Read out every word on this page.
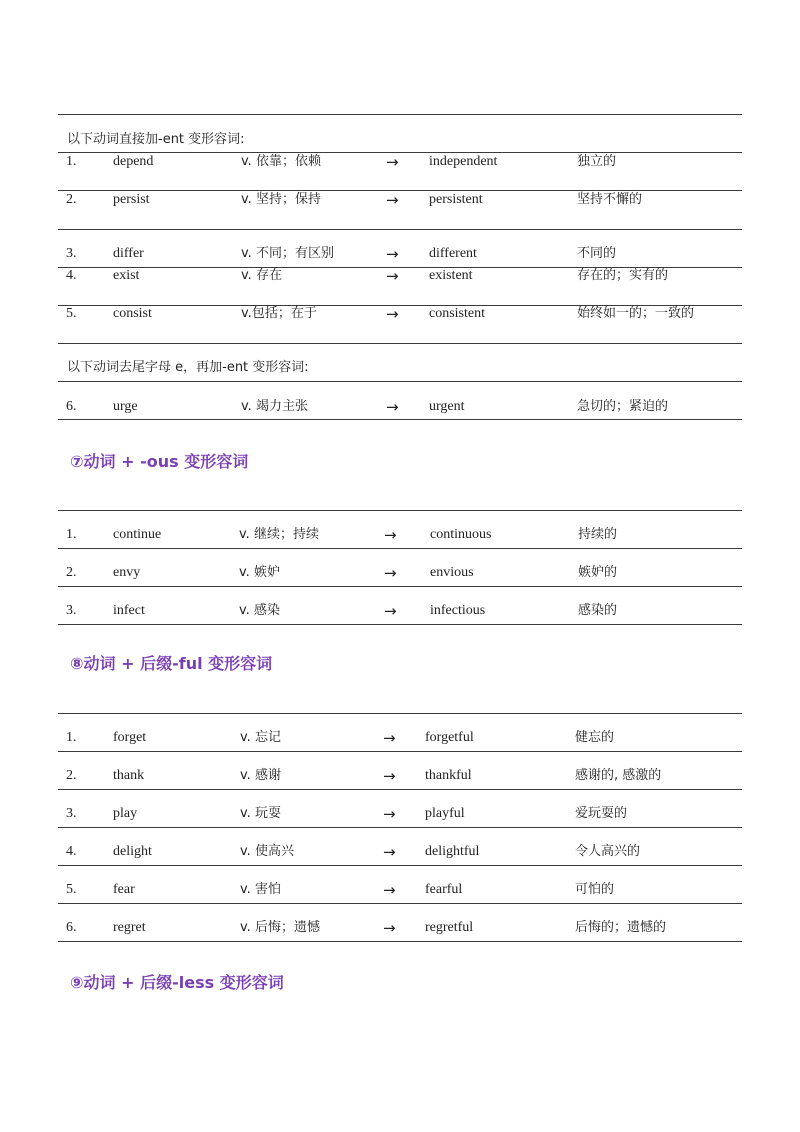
以下动词直接加-ent 变形容词:
1.	depend	v. 依靠；依赖	→ independent	独立的
2.	persist	v. 坚持；保持	→ persistent	坚持不懈的
3.	differ	v. 不同；有区别	→ different	不同的
4.	exist	v. 存在	→ existent	存在的；实有的
5.	consist	v.包括；在于	→ consistent	始终如一的；一致的
以下动词去尾字母 e，再加-ent 变形容词:
6.	urge	v. 竭力主张	→ urgent	急切的；紧迫的
⑦动词 + -ous 变形容词
1.	continue	v. 继续；持续	→ continuous	持续的
2.	envy	v. 嫉妒	→ envious	嫉妒的
3.	infect	v. 感染	→ infectious	感染的
⑧动词 + 后缀-ful 变形容词
1.	forget	v. 忘记	→ forgetful	健忘的
2.	thank	v. 感谢	→ thankful	感谢的, 感激的
3.	play	v. 玩耍	→ playful	爱玩耍的
4.	delight	v. 使高兴	→ delightful	令人高兴的
5.	fear	v. 害怕	→ fearful	可怕的
6.	regret	v. 后悔；遗憾	→ regretful	后悔的；遗憾的
⑨动词 + 后缀-less 变形容词
